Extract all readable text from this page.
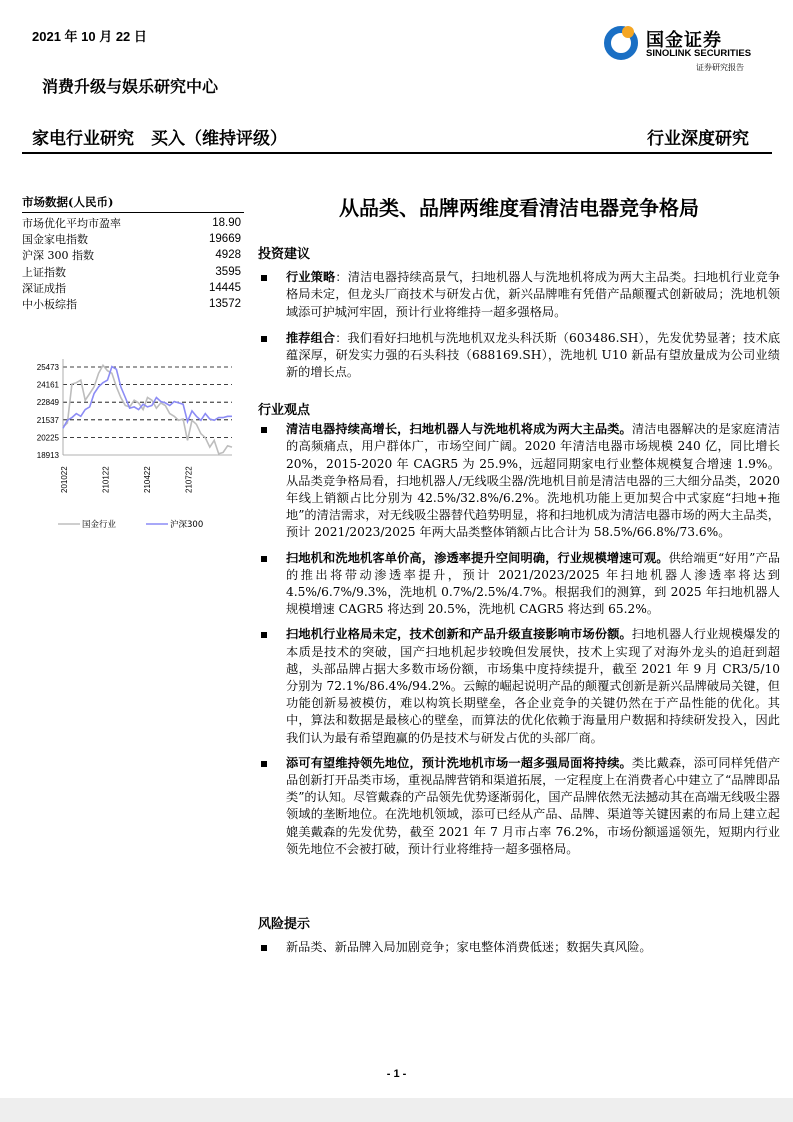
2021 年 10 月 22 日	国金证券
SINOLINK SECURITIES
证券研究报告
消费升级与娱乐研究中心
家电行业研究　买入（维持评级）	行业深度研究
市场数据(人民币)
市场优化平均市盈率	18.90
国金家电指数	19669
沪深 300 指数	4928
上证指数	3595
深证成指	14445
中小板综指	13572
25473
24161
22849
21537
20225
18913
201022	210122	210422	210722
国金行业	沪深300
从品类、品牌两维度看清洁电器竞争格局
投资建议
行业策略：清洁电器持续高景气，扫地机器人与洗地机将成为两大主品类。扫地机行业竞争格局未定，但龙头厂商技术与研发占优，新兴品牌唯有凭借产品颠覆式创新破局；洗地机领域添可护城河牢固，预计行业将维持一超多强格局。
推荐组合：我们看好扫地机与洗地机双龙头科沃斯（603486.SH），先发优势显著；技术底蕴深厚，研发实力强的石头科技（688169.SH），洗地机 U10 新品有望放量成为公司业绩新的增长点。
行业观点
清洁电器持续高增长，扫地机器人与洗地机将成为两大主品类。清洁电器解决的是家庭清洁的高频痛点，用户群体广，市场空间广阔。2020 年清洁电器市场规模 240 亿，同比增长 20%，2015-2020 年 CAGR5 为 25.9%，远超同期家电行业整体规模复合增速 1.9%。从品类竞争格局看，扫地机器人/无线吸尘器/洗地机目前是清洁电器的三大细分品类，2020 年线上销额占比分别为 42.5%/32.8%/6.2%。洗地机功能上更加契合中式家庭“扫地+拖地”的清洁需求，对无线吸尘器替代趋势明显，将和扫地机成为清洁电器市场的两大主品类，预计 2021/2023/2025 年两大品类整体销额占比合计为 58.5%/66.8%/73.6%。
扫地机和洗地机客单价高，渗透率提升空间明确，行业规模增速可观。供给端更“好用”产品的推出将带动渗透率提升，预计 2021/2023/2025 年扫地机器人渗透率将达到 4.5%/6.7%/9.3%，洗地机 0.7%/2.5%/4.7%。根据我们的测算，到 2025 年扫地机器人规模增速 CAGR5 将达到 20.5%，洗地机 CAGR5 将达到 65.2%。
扫地机行业格局未定，技术创新和产品升级直接影响市场份额。扫地机器人行业规模爆发的本质是技术的突破，国产扫地机起步较晚但发展快，技术上实现了对海外龙头的追赶到超越，头部品牌占据大多数市场份额，市场集中度持续提升，截至 2021 年 9 月 CR3/5/10 分别为 72.1%/86.4%/94.2%。云鲸的崛起说明产品的颠覆式创新是新兴品牌破局关键，但功能创新易被模仿，难以构筑长期壁垒，各企业竞争的关键仍然在于产品性能的优化。其中，算法和数据是最核心的壁垒，而算法的优化依赖于海量用户数据和持续研发投入，因此我们认为最有希望跑赢的仍是技术与研发占优的头部厂商。
添可有望维持领先地位，预计洗地机市场一超多强局面将持续。类比戴森，添可同样凭借产品创新打开品类市场，重视品牌营销和渠道拓展，一定程度上在消费者心中建立了“品牌即品类”的认知。尽管戴森的产品领先优势逐渐弱化，国产品牌依然无法撼动其在高端无线吸尘器领域的垄断地位。在洗地机领域，添可已经从产品、品牌、渠道等关键因素的布局上建立起媲美戴森的先发优势，截至 2021 年 7 月市占率 76.2%，市场份额遥遥领先，短期内行业领先地位不会被打破，预计行业将维持一超多强格局。
风险提示
新品类、新品牌入局加剧竞争；家电整体消费低迷；数据失真风险。
- 1 -
